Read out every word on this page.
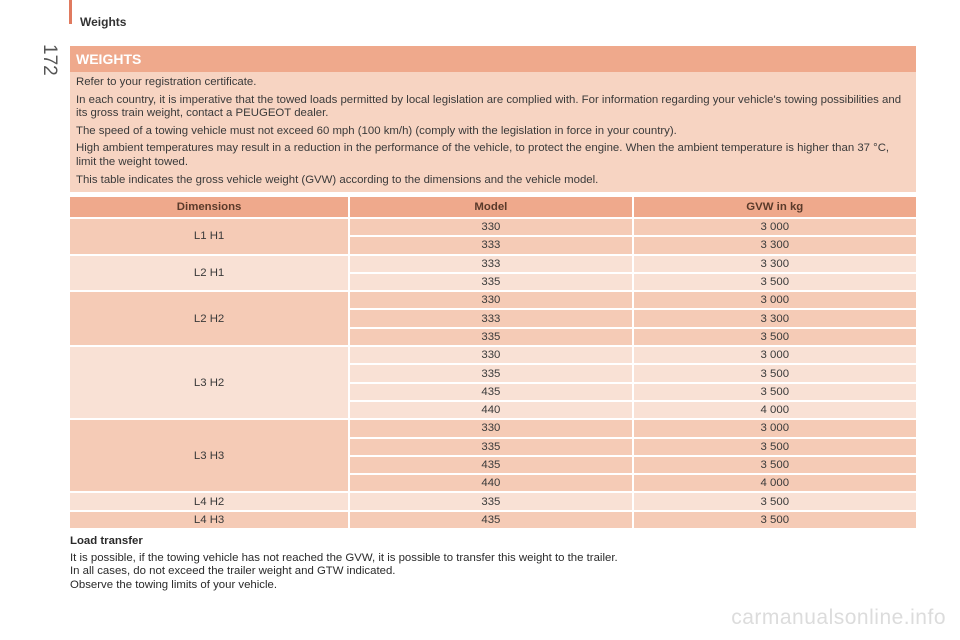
Weights
172	WEIGHTS

Refer to your registration certificate.

In each country, it is imperative that the towed loads permitted by local legislation are complied with. For information regarding your vehicle's towing possibilities and its gross train weight, contact a PEUGEOT dealer.

The speed of a towing vehicle must not exceed 60 mph (100 km/h) (comply with the legislation in force in your country).

High ambient temperatures may result in a reduction in the performance of the vehicle, to protect the engine. When the ambient temperature is higher than 37 °C, limit the weight towed.

This table indicates the gross vehicle weight (GVW) according to the dimensions and the vehicle model.

Dimensions	Model	GVW in kg
L1 H1	330	3 000
	333	3 300
L2 H1	333	3 300
	335	3 500
L2 H2	330	3 000
	333	3 300
	335	3 500
L3 H2	330	3 000
	335	3 500
	435	3 500
	440	4 000
L3 H3	330	3 000
	335	3 500
	435	3 500
	440	4 000
L4 H2	335	3 500
L4 H3	435	3 500
Load transfer

It is possible, if the towing vehicle has not reached the GVW, it is possible to transfer this weight to the trailer.

In all cases, do not exceed the trailer weight and GTW indicated.

Observe the towing limits of your vehicle.

carmanualsonline.info
